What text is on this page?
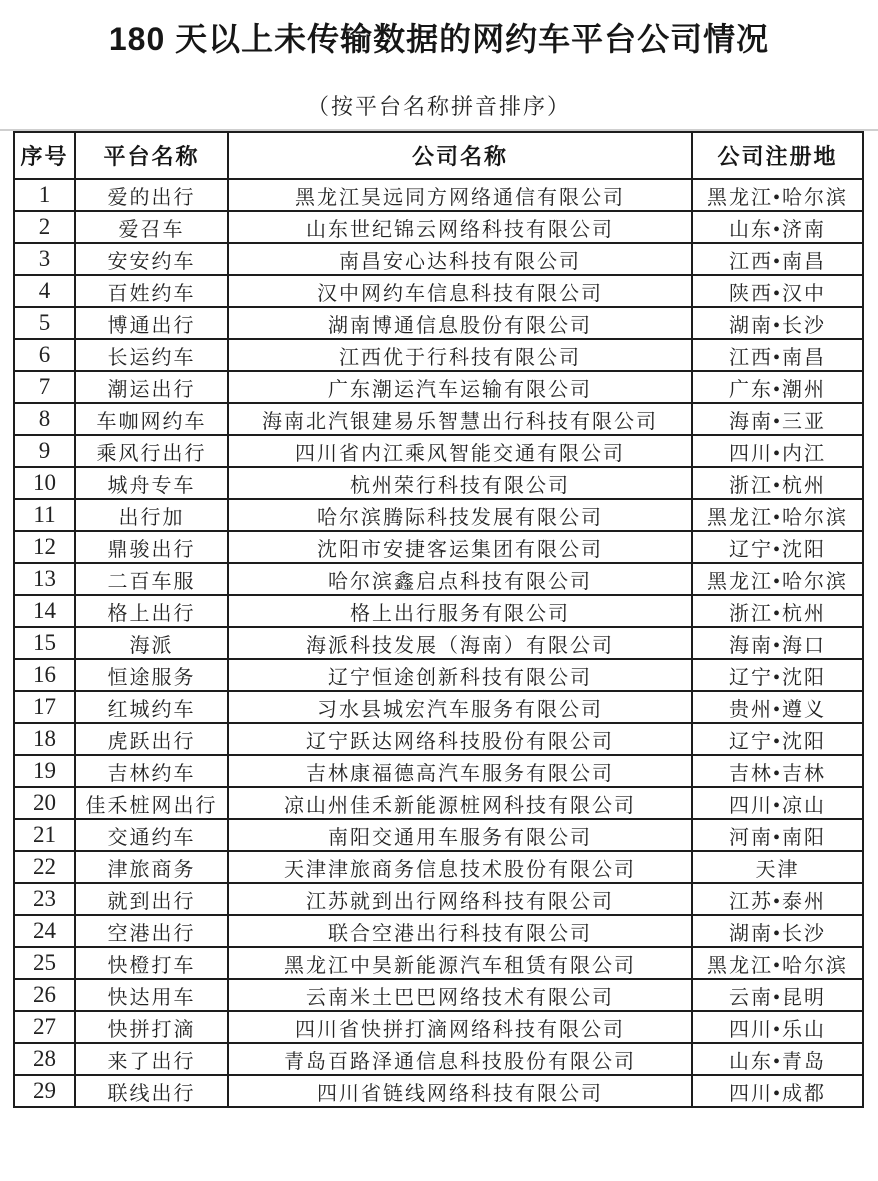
180 天以上未传输数据的网约车平台公司情况
（按平台名称拼音排序）
序号	平台名称	公司名称	公司注册地
1	爱的出行	黑龙江昊远同方网络通信有限公司	黑龙江•哈尔滨
2	爱召车	山东世纪锦云网络科技有限公司	山东•济南
3	安安约车	南昌安心达科技有限公司	江西•南昌
4	百姓约车	汉中网约车信息科技有限公司	陕西•汉中
5	博通出行	湖南博通信息股份有限公司	湖南•长沙
6	长运约车	江西优于行科技有限公司	江西•南昌
7	潮运出行	广东潮运汽车运输有限公司	广东•潮州
8	车咖网约车	海南北汽银建易乐智慧出行科技有限公司	海南•三亚
9	乘风行出行	四川省内江乘风智能交通有限公司	四川•内江
10	城舟专车	杭州荣行科技有限公司	浙江•杭州
11	出行加	哈尔滨腾际科技发展有限公司	黑龙江•哈尔滨
12	鼎骏出行	沈阳市安捷客运集团有限公司	辽宁•沈阳
13	二百车服	哈尔滨鑫启点科技有限公司	黑龙江•哈尔滨
14	格上出行	格上出行服务有限公司	浙江•杭州
15	海派	海派科技发展（海南）有限公司	海南•海口
16	恒途服务	辽宁恒途创新科技有限公司	辽宁•沈阳
17	红城约车	习水县城宏汽车服务有限公司	贵州•遵义
18	虎跃出行	辽宁跃达网络科技股份有限公司	辽宁•沈阳
19	吉林约车	吉林康福德高汽车服务有限公司	吉林•吉林
20	佳禾桩网出行	凉山州佳禾新能源桩网科技有限公司	四川•凉山
21	交通约车	南阳交通用车服务有限公司	河南•南阳
22	津旅商务	天津津旅商务信息技术股份有限公司	天津
23	就到出行	江苏就到出行网络科技有限公司	江苏•泰州
24	空港出行	联合空港出行科技有限公司	湖南•长沙
25	快橙打车	黑龙江中昊新能源汽车租赁有限公司	黑龙江•哈尔滨
26	快达用车	云南米土巴巴网络技术有限公司	云南•昆明
27	快拼打滴	四川省快拼打滴网络科技有限公司	四川•乐山
28	来了出行	青岛百路泽通信息科技股份有限公司	山东•青岛
29	联线出行	四川省链线网络科技有限公司	四川•成都
